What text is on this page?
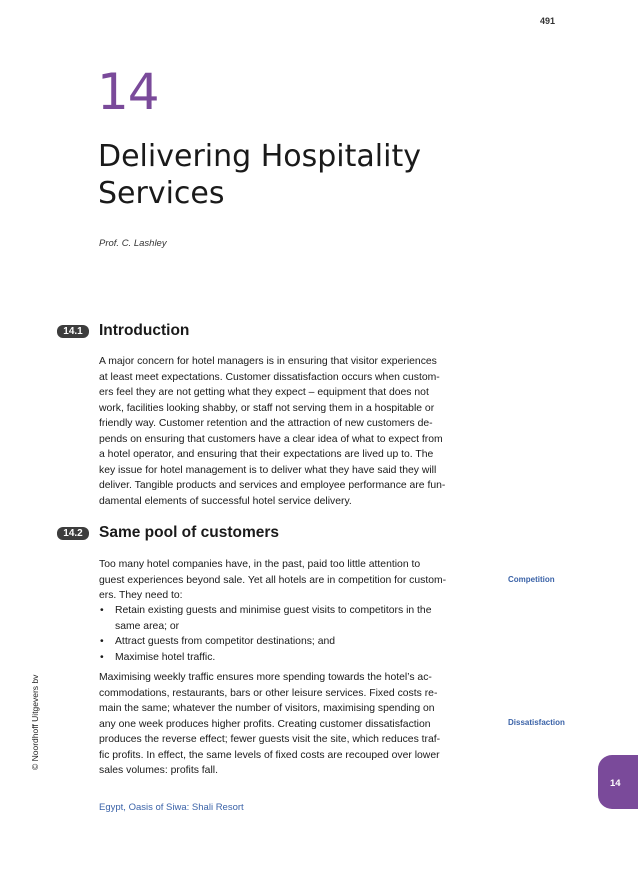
491
14
Delivering Hospitality
Services
Prof. C. Lashley
14.1	Introduction

A major concern for hotel managers is in ensuring that visitor experiences
at least meet expectations. Customer dissatisfaction occurs when custom-
ers feel they are not getting what they expect – equipment that does not
work, facilities looking shabby, or staff not serving them in a hospitable or
friendly way. Customer retention and the attraction of new customers de-
pends on ensuring that customers have a clear idea of what to expect from
a hotel operator, and ensuring that their expectations are lived up to. The
key issue for hotel management is to deliver what they have said they will
deliver. Tangible products and services and employee performance are fun-
damental elements of successful hotel service delivery.

14.2	Same pool of customers

Too many hotel companies have, in the past, paid too little attention to
guest experiences beyond sale. Yet all hotels are in competition for custom-
ers. They need to:

• Retain existing guests and minimise guest visits to competitors in the
same area; or
• Attract guests from competitor destinations; and
• Maximise hotel traffic.

Maximising weekly traffic ensures more spending towards the hotel’s ac-
commodations, restaurants, bars or other leisure services. Fixed costs re-
main the same; whatever the number of visitors, maximising spending on
any one week produces higher profits. Creating customer dissatisfaction
produces the reverse effect; fewer guests visit the site, which reduces traf-
fic profits. In effect, the same levels of fixed costs are recouped over lower
sales volumes: profits fall.

Competition
Dissatisfaction
Egypt, Oasis of Siwa: Shali Resort
© Noordhoff Uitgevers bv
14
